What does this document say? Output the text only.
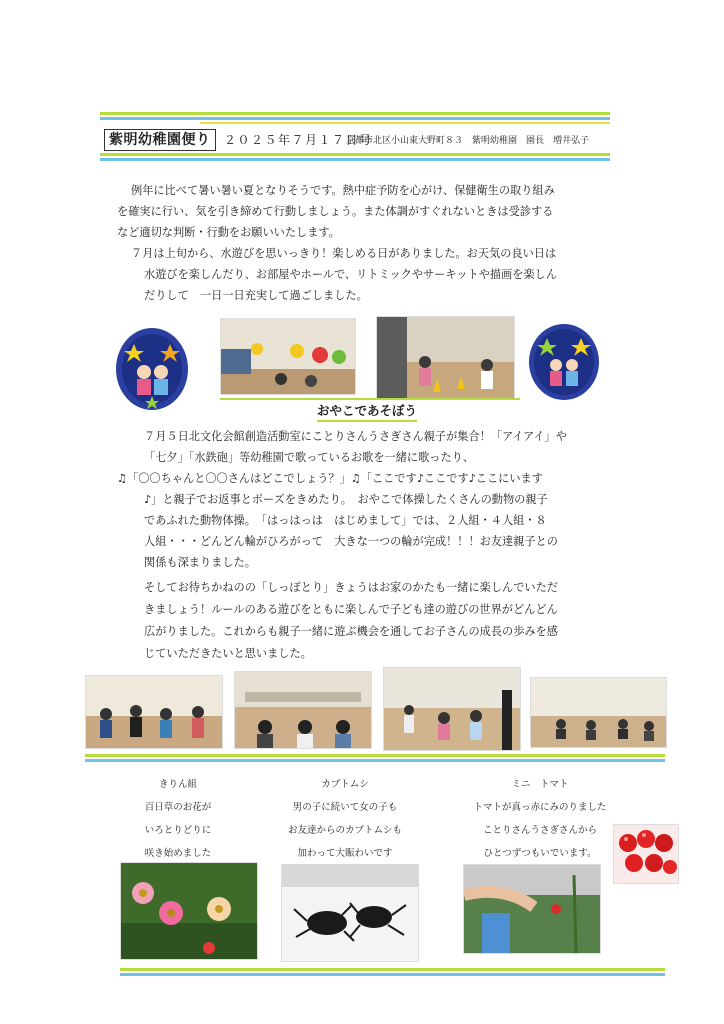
紫明幼稚園便り	２０２５年７月１７日号
京都市北区小山東大野町８３　紫明幼稚園　園長　増井弘子
例年に比べて暑い暑い夏となりそうです。熱中症予防を心がけ、保健衛生の取り組み
を確実に行い、気を引き締めて行動しましょう。また体調がすぐれないときは受診する
など適切な判断・行動をお願いいたします。
７月は上旬から、水遊びを思いっきり！楽しめる日がありました。お天気の良い日は
水遊びを楽しんだり、お部屋やホールで、リトミックやサーキットや描画を楽しん
だりして　一日一日充実して過ごしました。
おやこであそぼう
７月５日北文化会館創造活動室にことりさんうさぎさん親子が集合！「アイアイ」や
「七夕」「水鉄砲」等幼稚園で歌っているお歌を一緒に歌ったり、
♫「〇〇ちゃんと〇〇さんはどこでしょう？」♫「ここです♪ここです♪ここにいます
♪」と親子でお返事とポーズをきめたり。　おやこで体操したくさんの動物の親子
であふれた動物体操。　「はっはっは　はじめまして」では、２人組・４人組・８
人組・・・どんどん輪がひろがって　大きな一つの輪が完成！！！お友達親子との
関係も深まりました。
そしてお待ちかねのの「しっぽとり」きょうはお家のかたも一緒に楽しんでいただ
きましょう！ルールのある遊びをともに楽しんで子ども達の遊びの世界がどんどん
広がりました。これからも親子一緒に遊ぶ機会を通してお子さんの成長の歩みを感
じていただきたいと思いました。
きりん組
百日草のお花が
いろとりどりに
咲き始めました
カブトムシ
男の子に続いて女の子も
お友達からのカブトムシも
加わって大賑わいです
ミニ　トマト
トマトが真っ赤にみのりました
ことりさんうさぎさんから
ひとつずつもいでいます。
